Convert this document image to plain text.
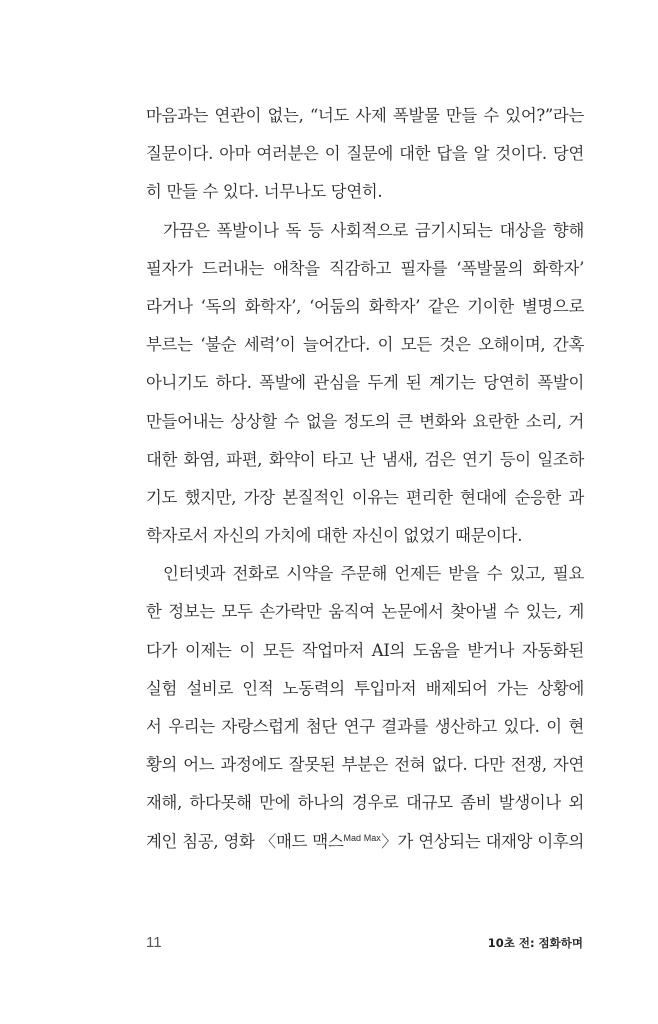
마음과는 연관이 없는, “너도 사제 폭발물 만들 수 있어?”라는
질문이다. 아마 여러분은 이 질문에 대한 답을 알 것이다. 당연
히 만들 수 있다. 너무나도 당연히.
가끔은 폭발이나 독 등 사회적으로 금기시되는 대상을 향해
필자가 드러내는 애착을 직감하고 필자를 ‘폭발물의 화학자’
라거나 ‘독의 화학자’, ‘어둠의 화학자’ 같은 기이한 별명으로
부르는 ‘불순 세력’이 늘어간다. 이 모든 것은 오해이며, 간혹
아니기도 하다. 폭발에 관심을 두게 된 계기는 당연히 폭발이
만들어내는 상상할 수 없을 정도의 큰 변화와 요란한 소리, 거
대한 화염, 파편, 화약이 타고 난 냄새, 검은 연기 등이 일조하
기도 했지만, 가장 본질적인 이유는 편리한 현대에 순응한 과
학자로서 자신의 가치에 대한 자신이 없었기 때문이다.
인터넷과 전화로 시약을 주문해 언제든 받을 수 있고, 필요
한 정보는 모두 손가락만 움직여 논문에서 찾아낼 수 있는, 게
다가 이제는 이 모든 작업마저 AI의 도움을 받거나 자동화된
실험 설비로 인적 노동력의 투입마저 배제되어 가는 상황에
서 우리는 자랑스럽게 첨단 연구 결과를 생산하고 있다. 이 현
황의 어느 과정에도 잘못된 부분은 전혀 없다. 다만 전쟁, 자연
재해, 하다못해 만에 하나의 경우로 대규모 좀비 발생이나 외
계인 침공, 영화 〈매드 맥스$^{Mad Max}$〉가 연상되는 대재앙 이후의
11	10초 전: 점화하며
